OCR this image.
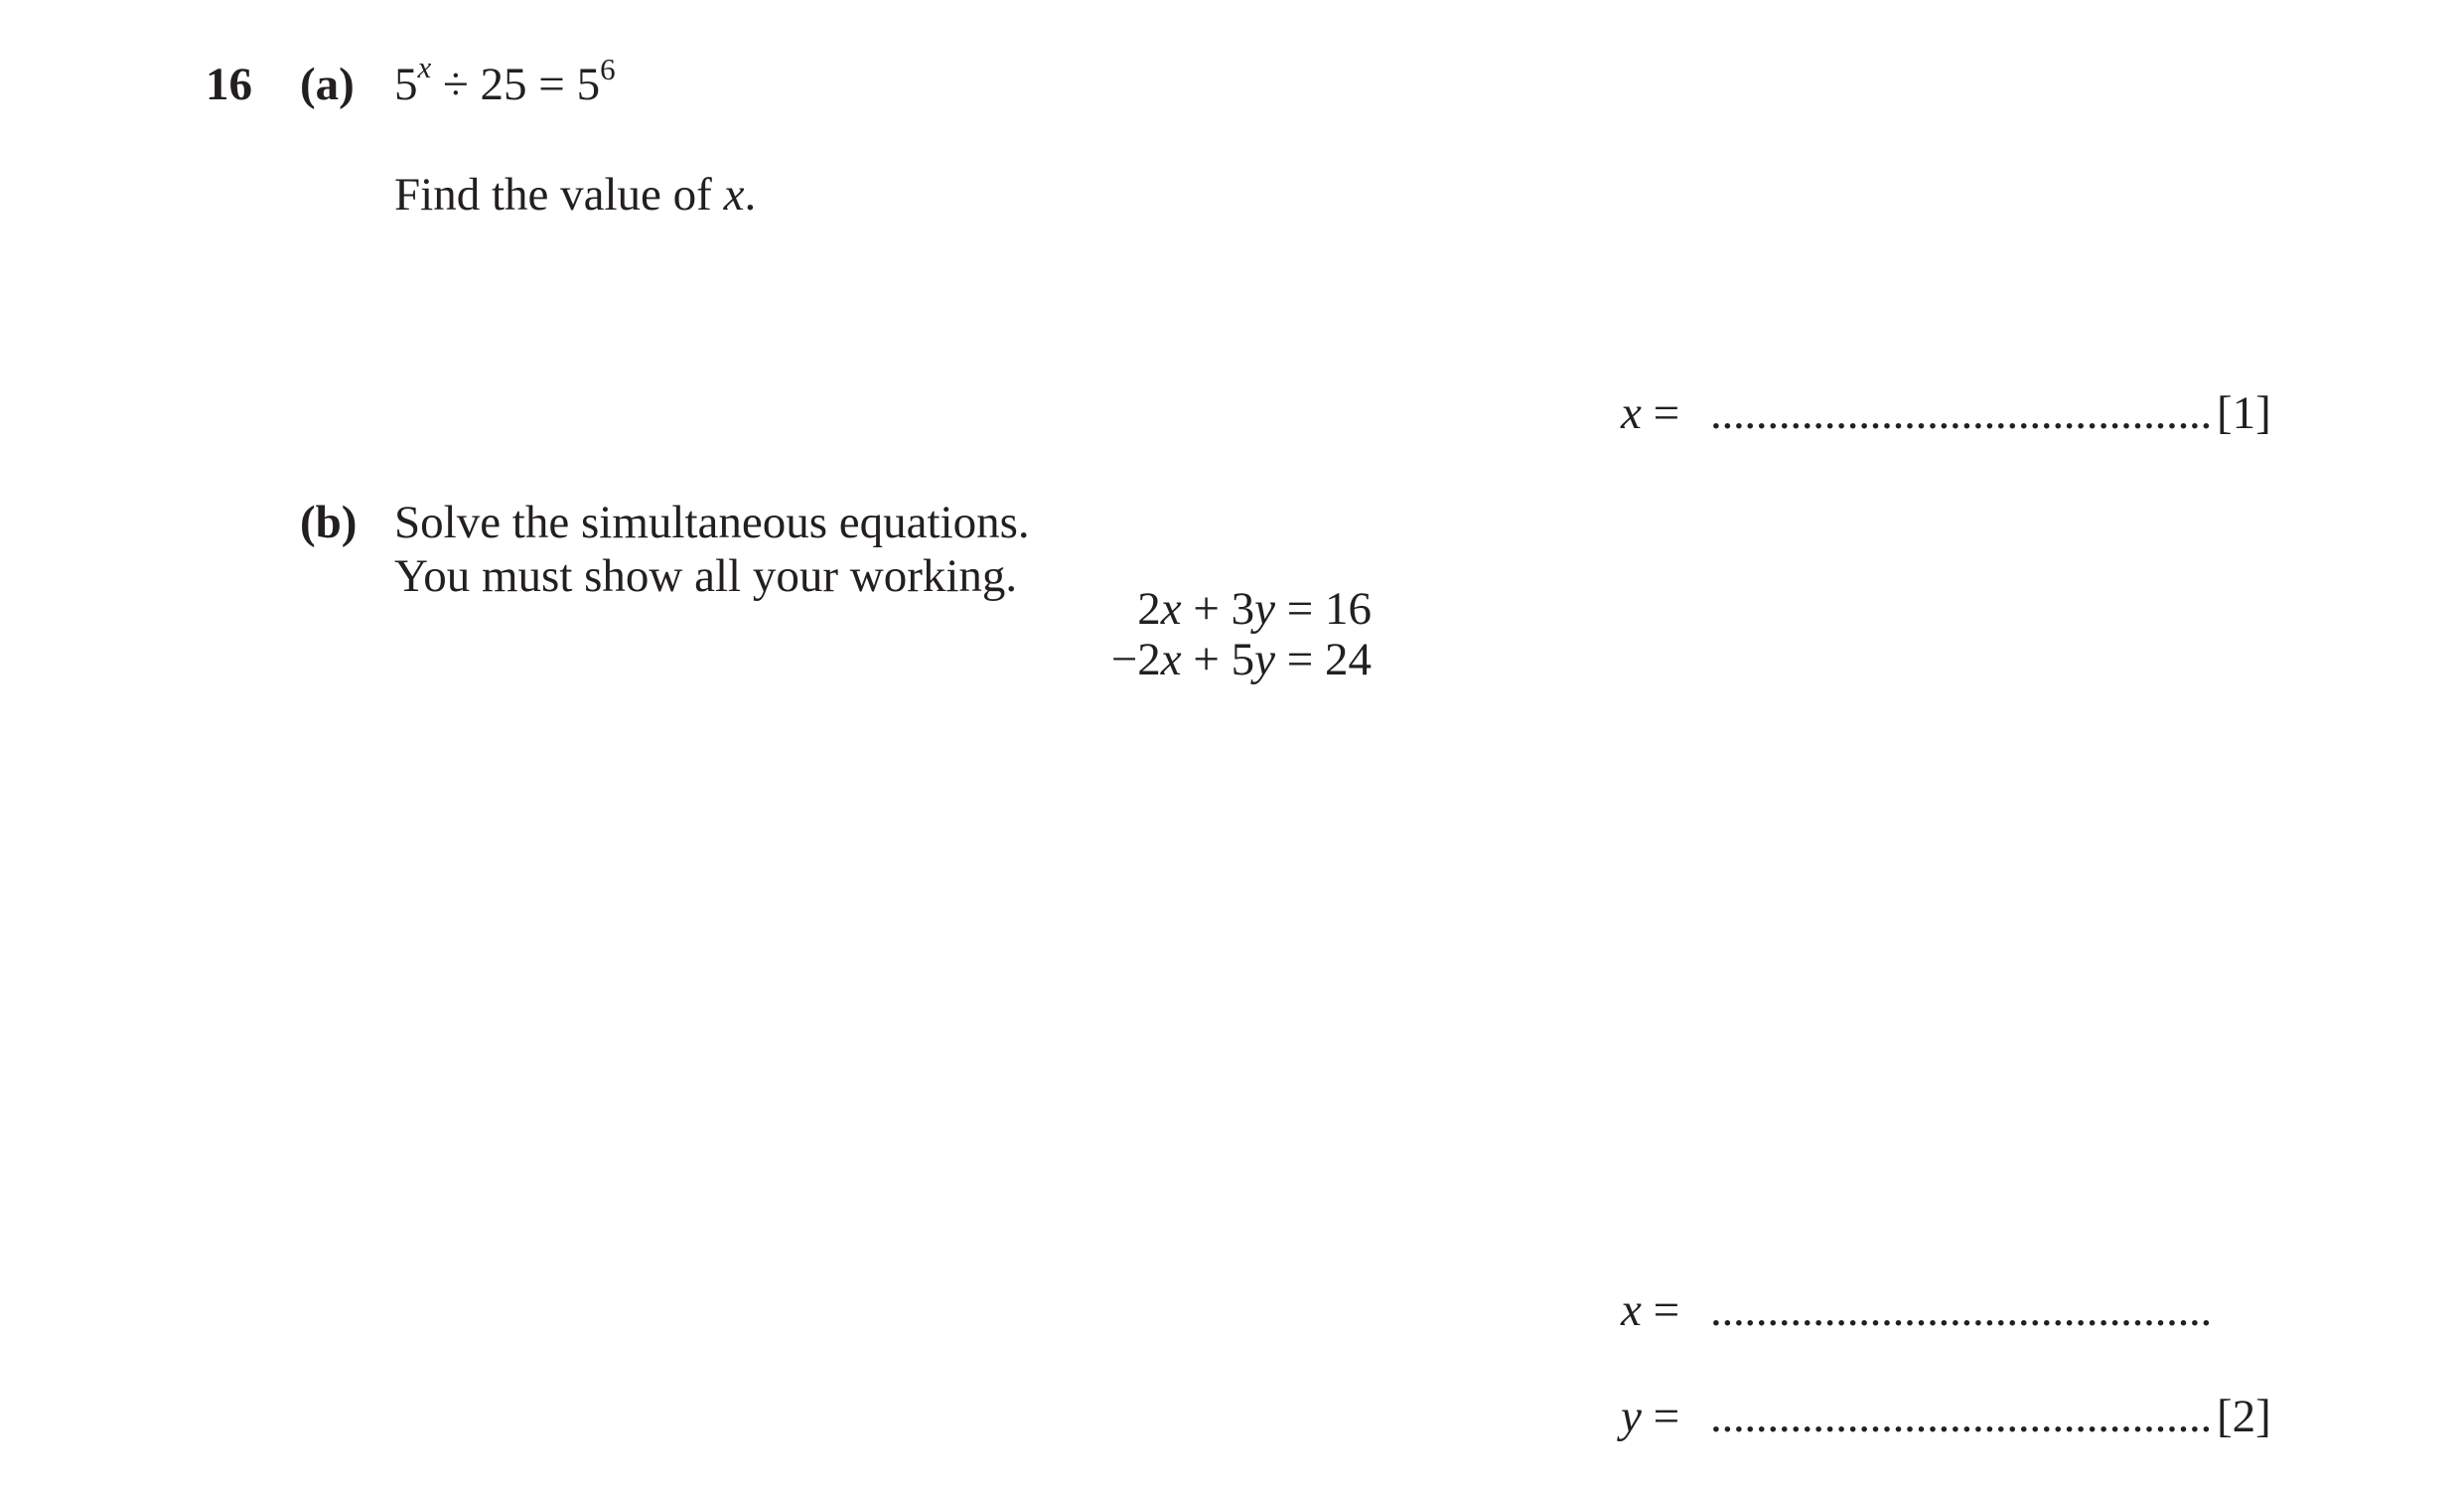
16 (a) $5^x \div 25 = 5^6$
Find the value of x.
x = ............................................ [1]
(b) Solve the simultaneous equations.
You must show all your working.
2x + 3y = 16
−2x + 5y = 24
x = ............................................
y = ............................................ [2]
